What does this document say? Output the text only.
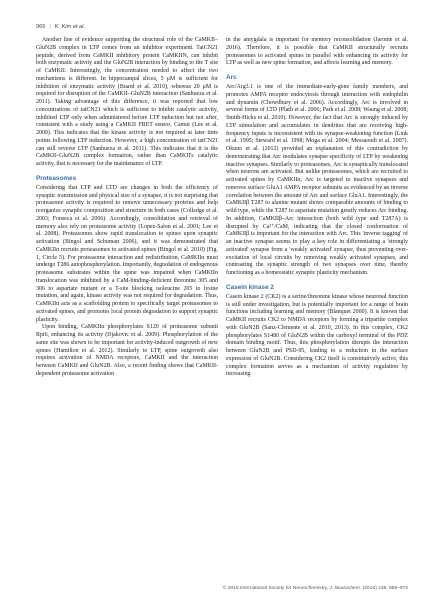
966 | K. Kim et al.

Another line of evidence supporting the structural role of the CaMKII–GluN2B complex in LTP comes from an inhibitor experiment. TatCN21 peptide, derived from CaMKII inhibitory protein CaMKIIN, can inhibit both enzymatic activity and the GluN2B interaction by binding to the T site of CaMKII. Interestingly, the concentration needed to affect the two mechanisms is different. In hippocampal slices, 5 μM is sufficient for inhibition of enzymatic activity (Buard et al. 2010), whereas 20 μM is required for disruption of the CaMKII–GluN2B interaction (Sanhueza et al. 2011). Taking advantage of this difference, it was reported that low concentrations of tatCN21 which is sufficient to inhibit catalytic activity, inhibited LTP only when administered before LTP induction but not after, consistent with a study using a CaMKII FRET sensor, Camui (Lee et al. 2009). This indicates that the kinase activity is not required at later time points following LTP induction. However, a high concentration of tatCN21 can still reverse LTP (Sanhueza et al. 2011). This indicates that it is the CaMKII–GluN2B complex formation, rather than CaMKII's catalytic activity, that is necessary for the maintenance of LTP.

Proteasomes

Considering that LTP and LTD are changes in both the efficiency of synaptic transmission and physical size of a synapse, it is not surprising that proteasome activity is required to remove unnecessary proteins and help reorganize synaptic composition and structure in both cases (Colledge et al. 2003; Fonseca et al. 2006). Accordingly, consolidation and retrieval of memory also rely on proteasome activity (Lopez-Salon et al. 2001; Lee et al. 2008). Proteasomes show rapid translocation to spines upon synaptic activation (Bingol and Schuman 2006), and it was demonstrated that CaMKIIα recruits proteasomes to activated spines (Bingol et al. 2010) (Fig. 1, Circle 5). For proteasome interaction and redistribution, CaMKIIα must undergo T286 autophosphorylation. Importantly, degradation of endogenous proteasome substrates within the spine was impaired when CaMKIIα translocation was inhibited by a CaM-binding-deficient threonine 305 and 306 to aspartate mutant or a T-site blocking isoleucine 205 to lysine mutation, and again, kinase activity was not required for degradation. Thus, CaMKIIα acts as a scaffolding protein to specifically target proteasomes to activated spines, and promotes local protein degradation to support synaptic plasticity.

Upon binding, CaMKIIα phosphorylates S120 of proteasome subunit Rpt6, enhancing its activity (Djakovic et al. 2009). Phosphorylation of the same site was shown to be important for activity-induced outgrowth of new spines (Hamilton et al. 2012). Similarly to LTP, spine outgrowth also requires activation of NMDA receptors, CaMKII and the interaction between CaMKII and GluN2B. Also, a recent finding shows that CaMKII-dependent proteasome activation

in the amygdala is important for memory reconsolidation (Jarome et al. 2016). Therefore, it is possible that CaMKII structurally recruits proteasomes to activated spines in parallel with enhancing its activity for LTP as well as new spine formation, and affects learning and memory.

Arc

Arc/Arg3.1 is one of the immediate-early-gene family members, and promotes AMPA receptor endocytosis through interaction with endophilin and dynamin (Chowdhury et al. 2006). Accordingly, Arc is involved in several forms of LTD (Plath et al. 2006; Park et al. 2008; Waung et al. 2008; Smith-Hicks et al. 2010). However, the fact that Arc is strongly induced by LTP stimulation and accumulates in dendrites that are receiving high-frequency inputs is inconsistent with its synapse-weakening function (Link et al. 1995; Steward et al. 1998; Moga et al. 2004; Messaoudi et al. 2007). Okuno et al. (2012) provided an explanation of this contradiction by demonstrating that Arc modulates synapse specificity of LTP by weakening inactive synapses. Similarly to proteasomes, Arc is synaptically translocated when neurons are activated. But unlike proteasomes, which are recruited to activated spines by CaMKIIα, Arc is targeted to inactive synapses and removes surface GluA1 AMPA receptor subunits as evidenced by an inverse correlation between the amount of Arc and surface GluA1. Interestingly, the CaMKIIβ T287 to alanine mutant shows comparable amounts of binding to wild type, while the T287 to aspartate mutation greatly reduces Arc binding. In addition, CaMKIIβ–Arc interaction (both wild type and T287A) is disrupted by Ca²⁺/CaM, indicating that the closed conformation of CaMKIIβ is important for the interaction with Arc. This 'inverse tagging' of an inactive synapse seems to play a key role in differentiating a 'strongly activated' synapse from a 'weakly activated' synapse, thus preventing over-excitation of local circuits by removing weakly activated synapses, and contrasting the synaptic strength of two synapses over time, thereby functioning as a homeostatic synaptic plasticity mechanism.

Casein kinase 2

Casein kinase 2 (CK2) is a serine/threonine kinase whose neuronal function is still under investigation, but is potentially important for a range of brain functions including learning and memory (Blanquet 2000). It is known that CaMKII recruits CK2 to NMDA receptors by forming a tripartite complex with GluN2B (Sanz-Clemente et al. 2010, 2013). In this complex, CK2 phosphorylates S1480 of GluN2B within the carboxyl terminal of the PDZ domain binding motif. Thus, this phosphorylation disrupts the interaction between GluN2B and PSD-95, leading to a reduction in the surface expression of GluN2B. Considering CK2 itself is constitutively active, this complex formation serves as a mechanism of activity regulation by increasing

© 2016 International Society for Neurochemistry, J. Neurochem. (2016) 139, 959–972
